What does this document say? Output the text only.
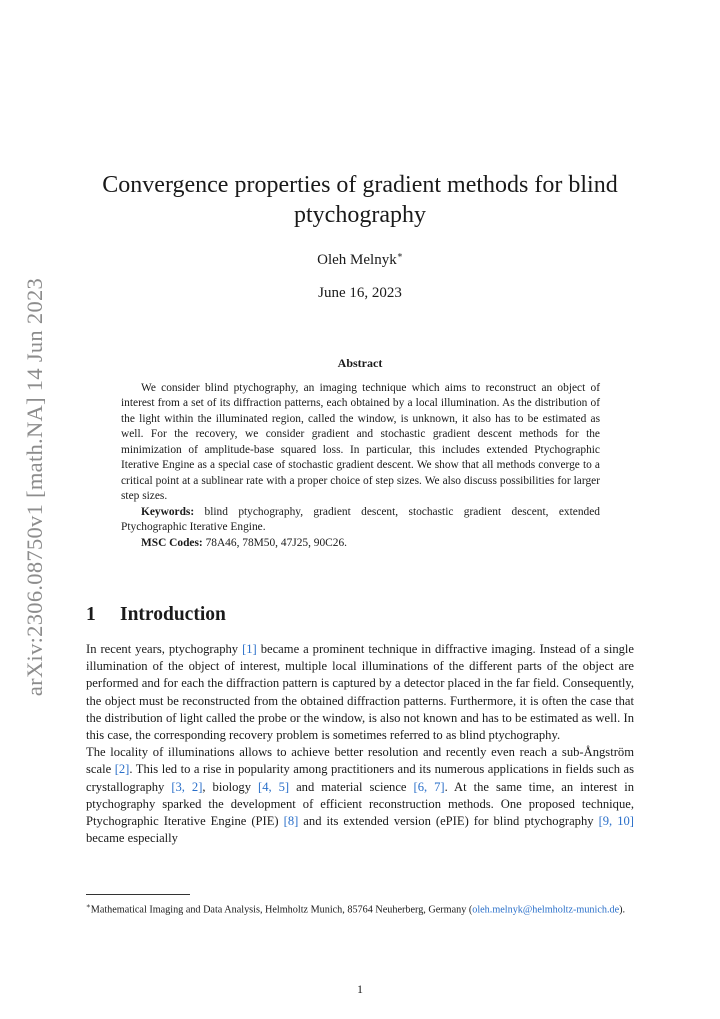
arXiv:2306.08750v1 [math.NA] 14 Jun 2023
Convergence properties of gradient methods for blind ptychography
Oleh Melnyk∗
June 16, 2023
Abstract

We consider blind ptychography, an imaging technique which aims to reconstruct an object of interest from a set of its diffraction patterns, each obtained by a local illumination. As the distribution of the light within the illuminated region, called the window, is unknown, it also has to be estimated as well. For the recovery, we consider gradient and stochastic gradient descent methods for the minimization of amplitude-base squared loss. In particular, this includes extended Ptychographic Iterative Engine as a special case of stochastic gradient descent. We show that all methods converge to a critical point at a sublinear rate with a proper choice of step sizes. We also discuss possibilities for larger step sizes.

Keywords: blind ptychography, gradient descent, stochastic gradient descent, extended Ptychographic Iterative Engine.

MSC Codes: 78A46, 78M50, 47J25, 90C26.

1 Introduction

In recent years, ptychography [1] became a prominent technique in diffractive imaging. Instead of a single illumination of the object of interest, multiple local illuminations of the different parts of the object are performed and for each the diffraction pattern is captured by a detector placed in the far field. Consequently, the object must be reconstructed from the obtained diffraction patterns. Furthermore, it is often the case that the distribution of light called the probe or the window, is also not known and has to be estimated as well. In this case, the corresponding recovery problem is sometimes referred to as blind ptychography.

The locality of illuminations allows to achieve better resolution and recently even reach a sub-Ångström scale [2]. This led to a rise in popularity among practitioners and its numerous applications in fields such as crystallography [3, 2], biology [4, 5] and material science [6, 7]. At the same time, an interest in ptychography sparked the development of efficient reconstruction methods. One proposed technique, Ptychographic Iterative Engine (PIE) [8] and its extended version (ePIE) for blind ptychography [9, 10] became especially

∗Mathematical Imaging and Data Analysis, Helmholtz Munich, 85764 Neuherberg, Germany (oleh.melnyk@helmholtz-munich.de).
1
